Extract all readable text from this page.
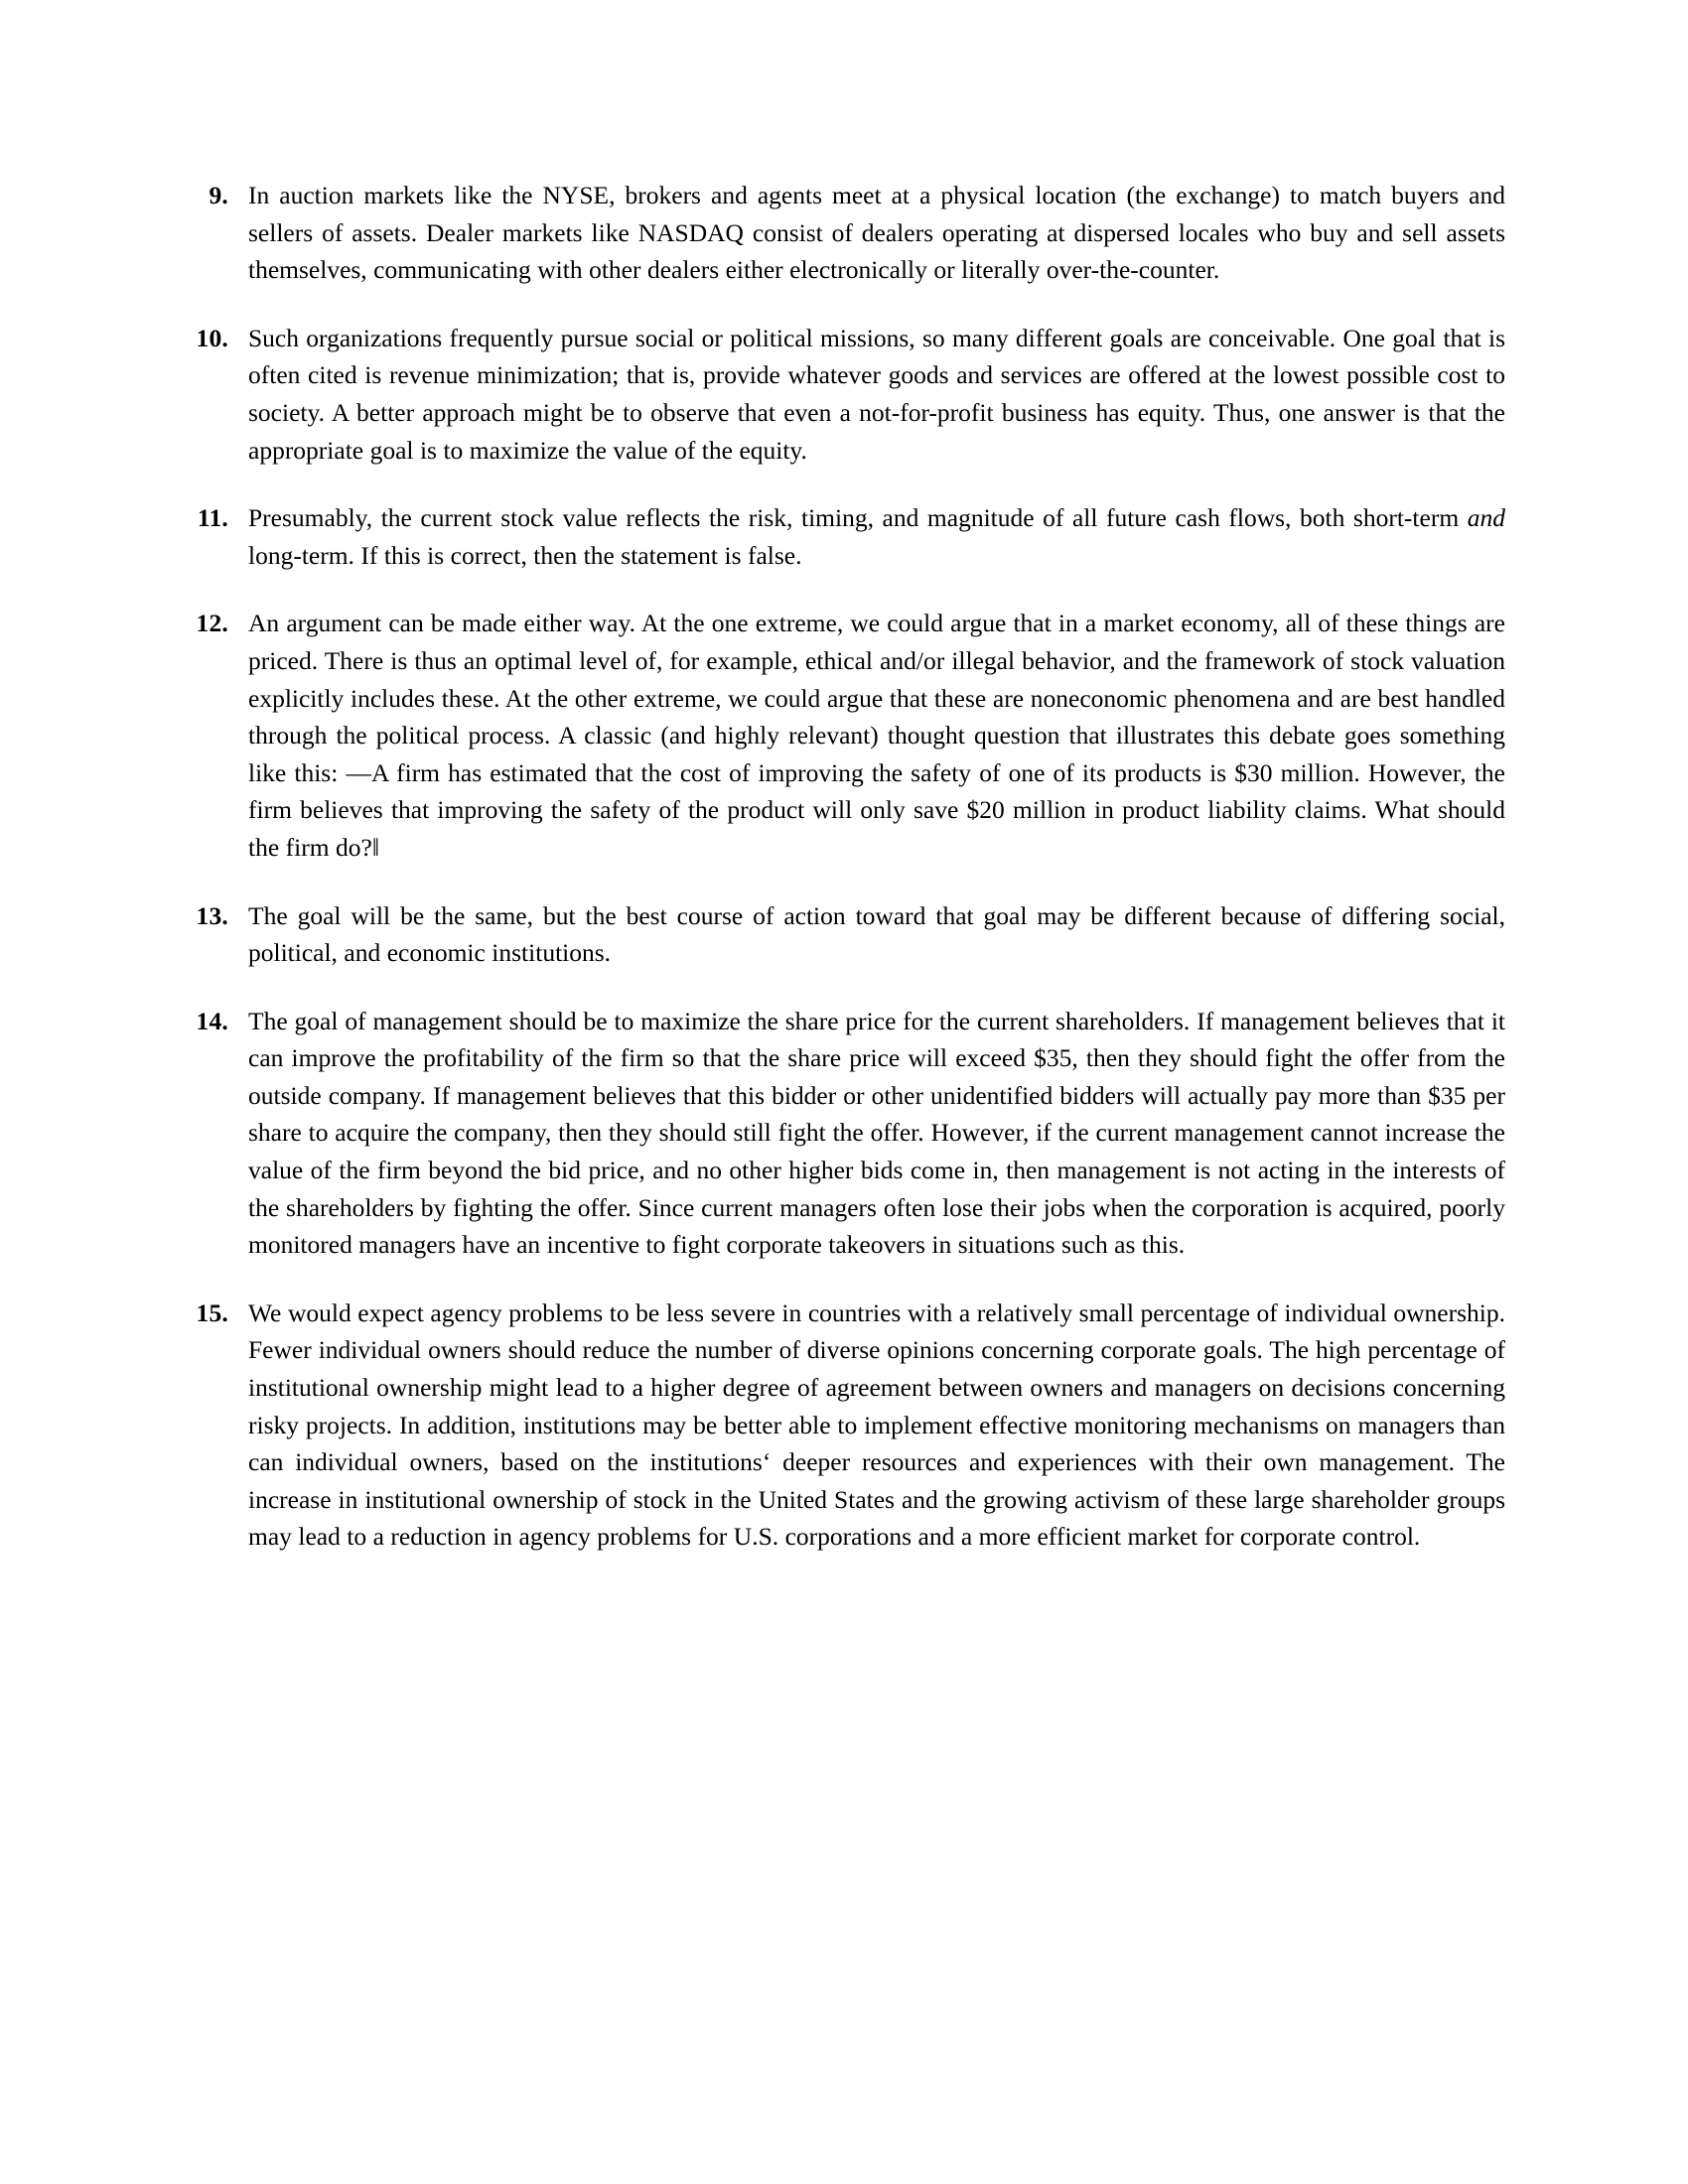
9. In auction markets like the NYSE, brokers and agents meet at a physical location (the exchange) to match buyers and sellers of assets. Dealer markets like NASDAQ consist of dealers operating at dispersed locales who buy and sell assets themselves, communicating with other dealers either electronically or literally over-the-counter.
10. Such organizations frequently pursue social or political missions, so many different goals are conceivable. One goal that is often cited is revenue minimization; that is, provide whatever goods and services are offered at the lowest possible cost to society. A better approach might be to observe that even a not-for-profit business has equity. Thus, one answer is that the appropriate goal is to maximize the value of the equity.
11. Presumably, the current stock value reflects the risk, timing, and magnitude of all future cash flows, both short-term and long-term. If this is correct, then the statement is false.
12. An argument can be made either way. At the one extreme, we could argue that in a market economy, all of these things are priced. There is thus an optimal level of, for example, ethical and/or illegal behavior, and the framework of stock valuation explicitly includes these. At the other extreme, we could argue that these are noneconomic phenomena and are best handled through the political process. A classic (and highly relevant) thought question that illustrates this debate goes something like this: ―A firm has estimated that the cost of improving the safety of one of its products is $30 million. However, the firm believes that improving the safety of the product will only save $20 million in product liability claims. What should the firm do?‖
13. The goal will be the same, but the best course of action toward that goal may be different because of differing social, political, and economic institutions.
14. The goal of management should be to maximize the share price for the current shareholders. If management believes that it can improve the profitability of the firm so that the share price will exceed $35, then they should fight the offer from the outside company. If management believes that this bidder or other unidentified bidders will actually pay more than $35 per share to acquire the company, then they should still fight the offer. However, if the current management cannot increase the value of the firm beyond the bid price, and no other higher bids come in, then management is not acting in the interests of the shareholders by fighting the offer. Since current managers often lose their jobs when the corporation is acquired, poorly monitored managers have an incentive to fight corporate takeovers in situations such as this.
15. We would expect agency problems to be less severe in countries with a relatively small percentage of individual ownership. Fewer individual owners should reduce the number of diverse opinions concerning corporate goals. The high percentage of institutional ownership might lead to a higher degree of agreement between owners and managers on decisions concerning risky projects. In addition, institutions may be better able to implement effective monitoring mechanisms on managers than can individual owners, based on the institutions‘ deeper resources and experiences with their own management. The increase in institutional ownership of stock in the United States and the growing activism of these large shareholder groups may lead to a reduction in agency problems for U.S. corporations and a more efficient market for corporate control.
